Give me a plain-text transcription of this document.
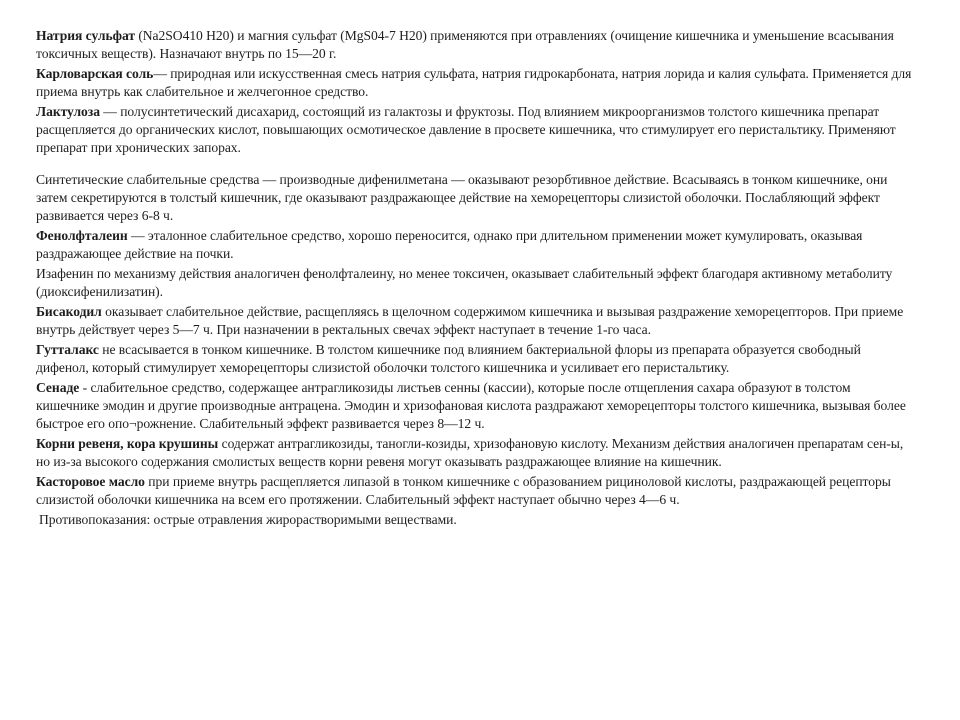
Натрия сульфат (Na2SO410 H20) и магния сульфат (MgS04-7 H20) применяются при отравлениях (очищение кишечника и уменьшение всасывания токсичных веществ). Назначают внутрь по 15—20 г.

Карловарская соль— природная или искусственная смесь натрия сульфата, натрия гидрокарбоната, натрия лорида и калия сульфата. Применяется для приема внутрь как слабительное и желчегонное средство.

Лактулоза — полусинтетический дисахарид, состоящий из галактозы и фруктозы. Под влиянием микроорганизмов толстого кишечника препарат расщепляется до органических кислот, повышающих осмотическое давление в просвете кишечника, что стимулирует его перистальтику. Применяют препарат при хронических запорах.

Синтетические слабительные средства — производные дифенилметана — оказывают резорбтивное действие. Всасываясь в тонком кишечнике, они затем секретируются в толстый кишечник, где оказывают раздражающее действие на хеморецепторы слизистой оболочки. Послабляющий эффект развивается через 6-8 ч.

Фенолфталеин — эталонное слабительное средство, хорошо переносится, однако при длительном применении может кумулировать, оказывая раздражающее действие на почки.

Изафенин по механизму действия аналогичен фенолфталеину, но менее токсичен, оказывает слабительный эффект благодаря активному метаболиту (диоксифенилизатин).

Бисакодил оказывает слабительное действие, расщепляясь в щелочном содержимом кишечника и вызывая раздражение хеморецепторов. При приеме внутрь действует через 5—7 ч. При назначении в ректальных свечах эффект наступает в течение 1-го часа.

Гутталакс не всасывается в тонком кишечнике. В толстом кишечнике под влиянием бактериальной флоры из препарата образуется свободный дифенол, который стимулирует хеморецепторы слизистой оболочки толстого кишечника и усиливает его перистальтику.

Сенаде - слабительное средство, содержащее антрагликозиды листьев сенны (кассии), которые после отщепления сахара образуют в толстом кишечнике эмодин и другие производные антрацена. Эмодин и хризофановая кислота раздражают хеморецепторы толстого кишечника, вызывая более быстрое его опо¬рожнение. Слабительный эффект развивается через 8—12 ч.

Корни ревеня, кора крушины содержат антрагликозиды, таногли-козиды, хризофановую кислоту. Механизм действия аналогичен препаратам сен-ы, но из-за высокого содержания смолистых веществ корни ревеня могут оказывать раздражающее влияние на кишечник.

Касторовое масло при приеме внутрь расщепляется липазой в тонком кишечнике с образованием рициноловой кислоты, раздражающей рецепторы слизистой оболочки кишечника на всем его протяжении. Слабительный эффект наступает обычно через 4—6 ч.

Противопоказания: острые отравления жирорастворимыми веществами.
